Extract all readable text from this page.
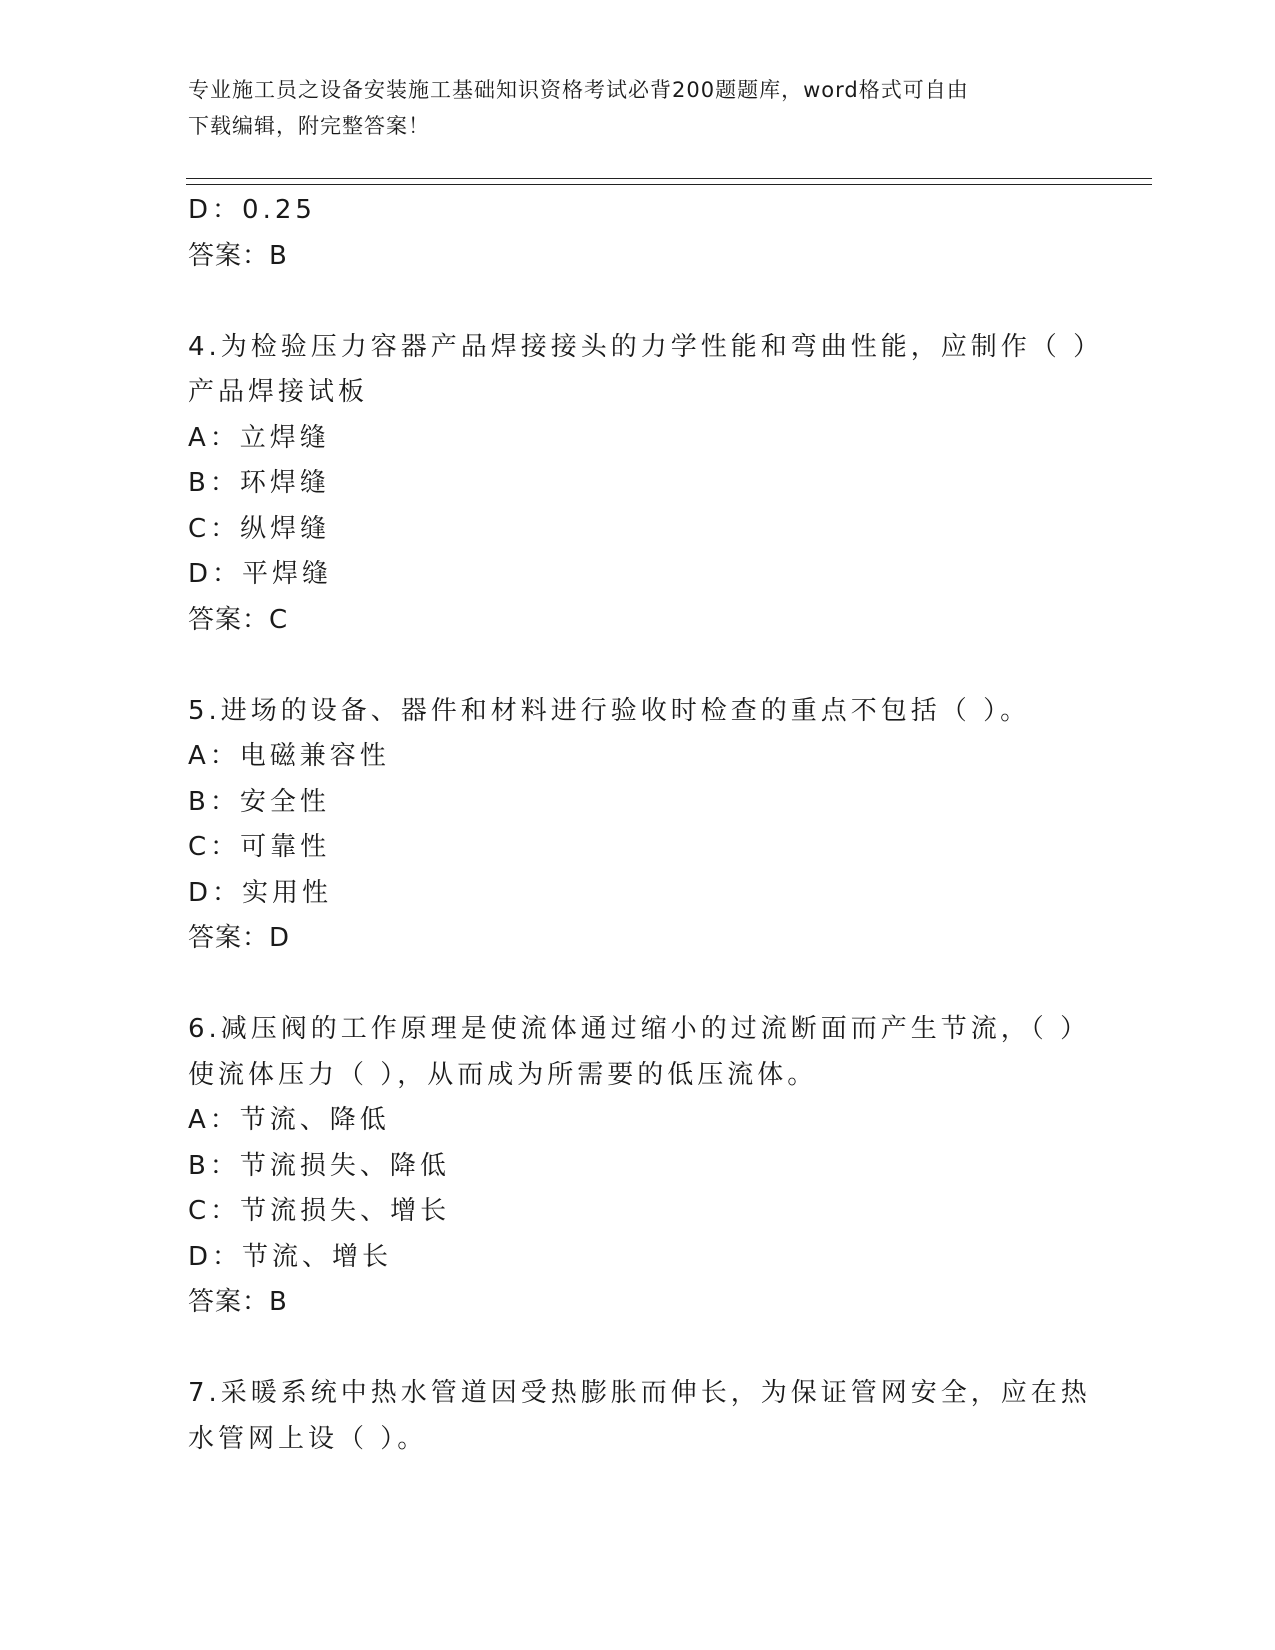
专业施工员之设备安装施工基础知识资格考试必背200题题库，word格式可自由
下载编辑，附完整答案！
D：0.25
答案：B
4.为检验压力容器产品焊接接头的力学性能和弯曲性能，应制作（ ）
产品焊接试板
A：立焊缝
B：环焊缝
C：纵焊缝
D：平焊缝
答案：C
5.进场的设备、器件和材料进行验收时检查的重点不包括（ ）。
A：电磁兼容性
B：安全性
C：可靠性
D：实用性
答案：D
6.减压阀的工作原理是使流体通过缩小的过流断面而产生节流，（ ）
使流体压力（ ），从而成为所需要的低压流体。
A：节流、降低
B：节流损失、降低
C：节流损失、增长
D：节流、增长
答案：B
7.采暖系统中热水管道因受热膨胀而伸长，为保证管网安全，应在热
水管网上设（ ）。
